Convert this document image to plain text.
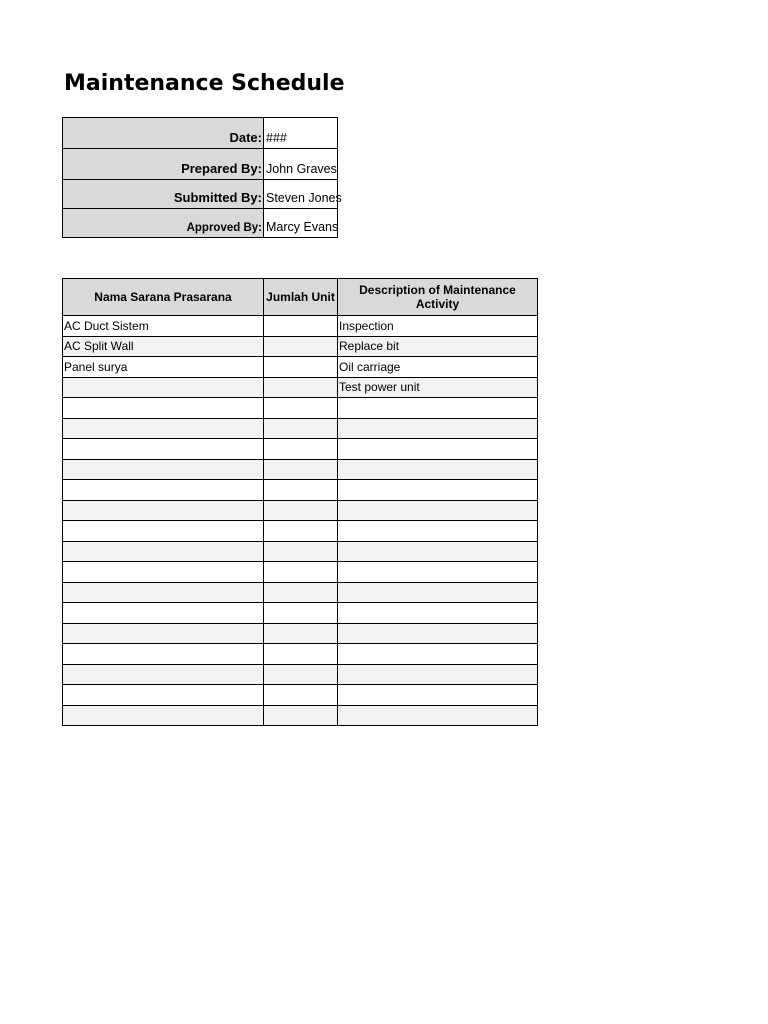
Maintenance Schedule
Date: ###
Prepared By: John Graves
Submitted By: Steven Jones
Approved By: Marcy Evans
Nama Sarana Prasarana	Jumlah Unit	Description of Maintenance Activity
AC Duct Sistem		Inspection
AC Split Wall		Replace bit
Panel surya		Oil carriage
		Test power unit
